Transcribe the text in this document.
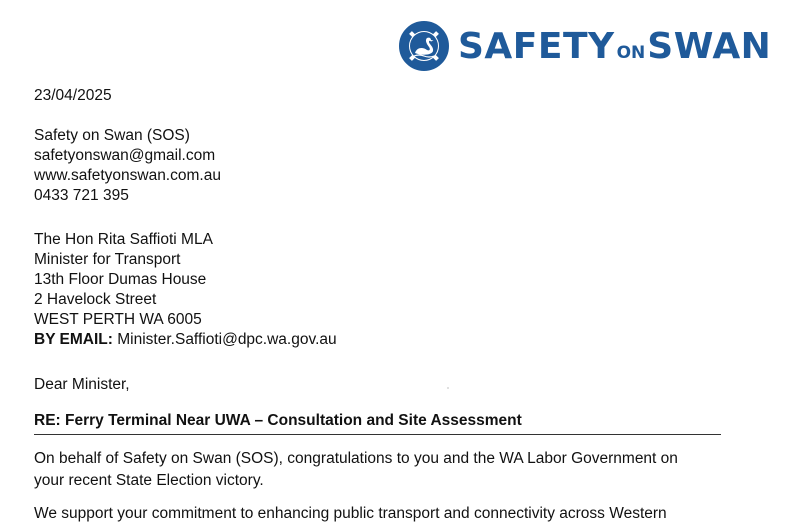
SAFETY ONSWAN
23/04/2025
Safety on Swan (SOS)
safetyonswan@gmail.com
www.safetyonswan.com.au
0433 721 395
The Hon Rita Saffioti MLA
Minister for Transport
13th Floor Dumas House
2 Havelock Street
WEST PERTH WA 6005
BY EMAIL: Minister.Saffioti@dpc.wa.gov.au
Dear Minister,
RE: Ferry Terminal Near UWA – Consultation and Site Assessment
On behalf of Safety on Swan (SOS), congratulations to you and the WA Labor Government on
your recent State Election victory.
We support your commitment to enhancing public transport and connectivity across Western
